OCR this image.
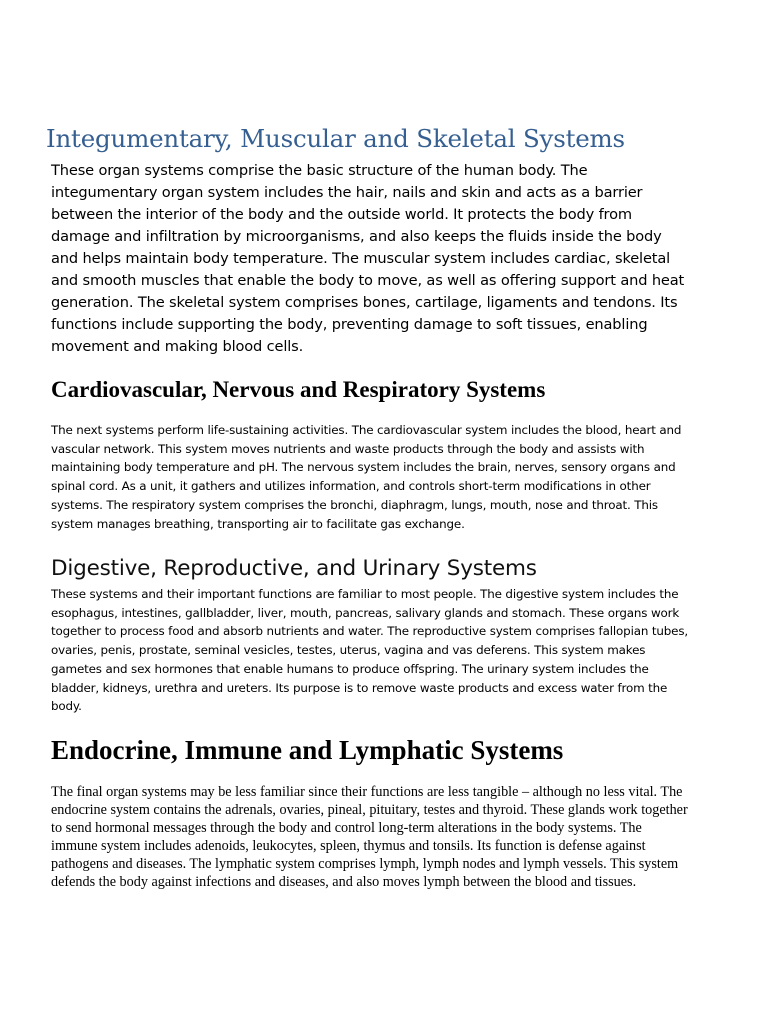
Integumentary, Muscular and Skeletal Systems

These organ systems comprise the basic structure of the human body. The integumentary organ system includes the hair, nails and skin and acts as a barrier between the interior of the body and the outside world. It protects the body from damage and infiltration by microorganisms, and also keeps the fluids inside the body and helps maintain body temperature. The muscular system includes cardiac, skeletal and smooth muscles that enable the body to move, as well as offering support and heat generation. The skeletal system comprises bones, cartilage, ligaments and tendons. Its functions include supporting the body, preventing damage to soft tissues, enabling movement and making blood cells.

Cardiovascular, Nervous and Respiratory Systems

The next systems perform life-sustaining activities. The cardiovascular system includes the blood, heart and vascular network. This system moves nutrients and waste products through the body and assists with maintaining body temperature and pH. The nervous system includes the brain, nerves, sensory organs and spinal cord. As a unit, it gathers and utilizes information, and controls short-term modifications in other systems. The respiratory system comprises the bronchi, diaphragm, lungs, mouth, nose and throat. This system manages breathing, transporting air to facilitate gas exchange.

Digestive, Reproductive, and Urinary Systems

These systems and their important functions are familiar to most people. The digestive system includes the esophagus, intestines, gallbladder, liver, mouth, pancreas, salivary glands and stomach. These organs work together to process food and absorb nutrients and water. The reproductive system comprises fallopian tubes, ovaries, penis, prostate, seminal vesicles, testes, uterus, vagina and vas deferens. This system makes gametes and sex hormones that enable humans to produce offspring. The urinary system includes the bladder, kidneys, urethra and ureters. Its purpose is to remove waste products and excess water from the body.

Endocrine, Immune and Lymphatic Systems

The final organ systems may be less familiar since their functions are less tangible – although no less vital. The endocrine system contains the adrenals, ovaries, pineal, pituitary, testes and thyroid. These glands work together to send hormonal messages through the body and control long-term alterations in the body systems. The immune system includes adenoids, leukocytes, spleen, thymus and tonsils. Its function is defense against pathogens and diseases. The lymphatic system comprises lymph, lymph nodes and lymph vessels. This system defends the body against infections and diseases, and also moves lymph between the blood and tissues.
